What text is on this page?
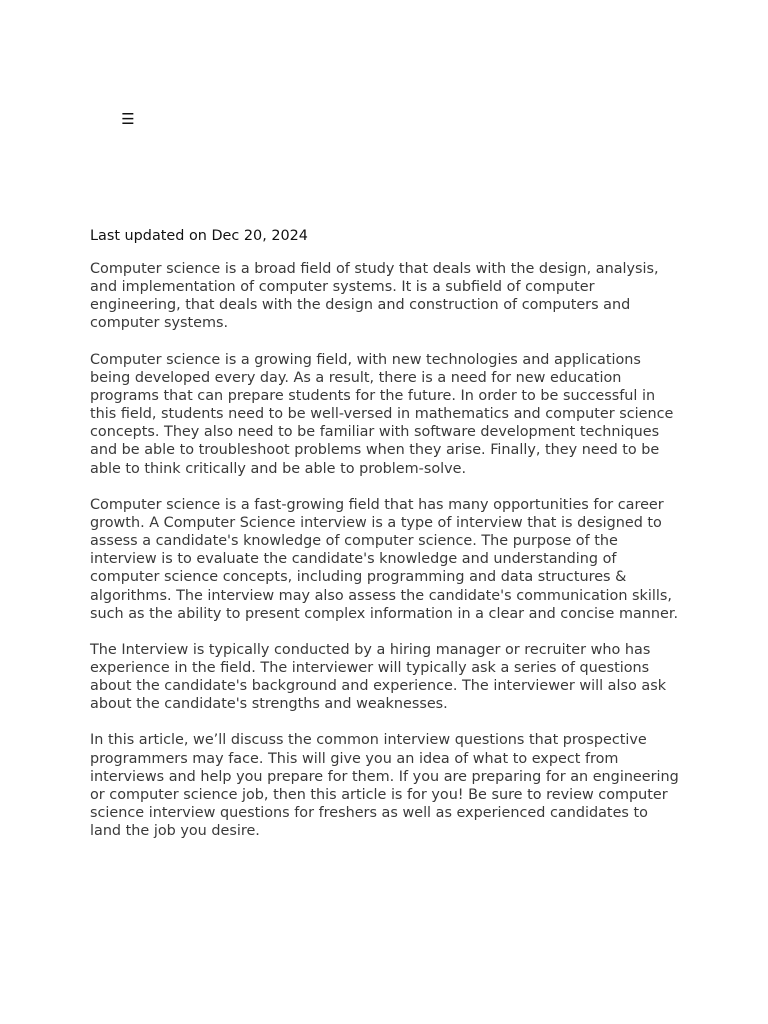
☰

Last updated on Dec 20, 2024

Computer science is a broad field of study that deals with the design, analysis, and implementation of computer systems. It is a subfield of computer engineering, that deals with the design and construction of computers and computer systems.

Computer science is a growing field, with new technologies and applications being developed every day. As a result, there is a need for new education programs that can prepare students for the future. In order to be successful in this field, students need to be well-versed in mathematics and computer science concepts. They also need to be familiar with software development techniques and be able to troubleshoot problems when they arise. Finally, they need to be able to think critically and be able to problem-solve.

Computer science is a fast-growing field that has many opportunities for career growth. A Computer Science interview is a type of interview that is designed to assess a candidate's knowledge of computer science. The purpose of the interview is to evaluate the candidate's knowledge and understanding of computer science concepts, including programming and data structures & algorithms. The interview may also assess the candidate's communication skills, such as the ability to present complex information in a clear and concise manner.

The Interview is typically conducted by a hiring manager or recruiter who has experience in the field. The interviewer will typically ask a series of questions about the candidate's background and experience. The interviewer will also ask about the candidate's strengths and weaknesses.

In this article, we’ll discuss the common interview questions that prospective programmers may face. This will give you an idea of what to expect from interviews and help you prepare for them. If you are preparing for an engineering or computer science job, then this article is for you! Be sure to review computer science interview questions for freshers as well as experienced candidates to land the job you desire.
